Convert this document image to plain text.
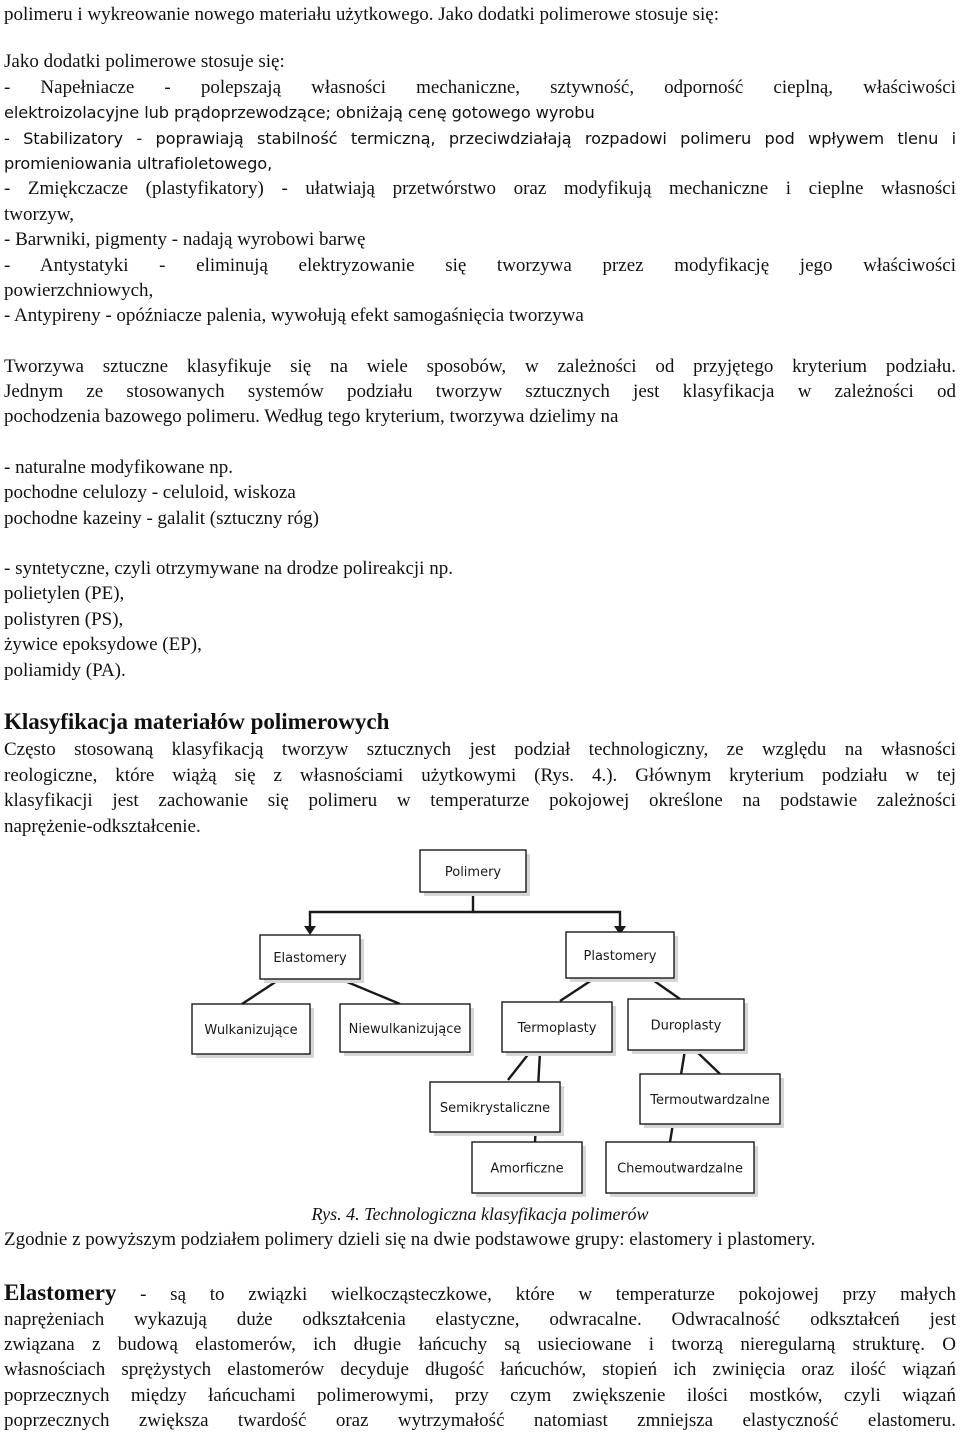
polimeru i wykreowanie nowego materiału użytkowego. Jako dodatki polimerowe stosuje się:
Jako dodatki polimerowe stosuje się:
- Napełniacze - polepszają własności mechaniczne, sztywność, odporność cieplną, właściwości
elektroizolacyjne lub prądoprzewodzące; obniżają cenę gotowego wyrobu
- Stabilizatory - poprawiają stabilność termiczną, przeciwdziałają rozpadowi polimeru pod wpływem tlenu i
promieniowania ultrafioletowego,
- Zmiękczacze (plastyfikatory) - ułatwiają przetwórstwo oraz modyfikują mechaniczne i cieplne własności
tworzyw,
- Barwniki, pigmenty - nadają wyrobowi barwę
- Antystatyki - eliminują elektryzowanie się tworzywa przez modyfikację jego właściwości
powierzchniowych,
- Antypireny - opóźniacze palenia, wywołują efekt samogaśnięcia tworzywa
Tworzywa sztuczne klasyfikuje się na wiele sposobów, w zależności od przyjętego kryterium podziału.
Jednym ze stosowanych systemów podziału tworzyw sztucznych jest klasyfikacja w zależności od
pochodzenia bazowego polimeru. Według tego kryterium, tworzywa dzielimy na
- naturalne modyfikowane np.
pochodne celulozy - celuloid, wiskoza
pochodne kazeiny - galalit (sztuczny róg)
- syntetyczne, czyli otrzymywane na drodze polireakcji np.
polietylen (PE),
polistyren (PS),
żywice epoksydowe (EP),
poliamidy (PA).
Klasyfikacja materiałów polimerowych
Często stosowaną klasyfikacją tworzyw sztucznych jest podział technologiczny, ze względu na własności
reologiczne, które wiążą się z własnościami użytkowymi (Rys. 4.). Głównym kryterium podziału w tej
klasyfikacji jest zachowanie się polimeru w temperaturze pokojowej określone na podstawie zależności
naprężenie-odkształcenie.
Polimery
Elastomery	Plastomery
Wulkanizujące	Niewulkanizujące	Termoplasty	Duroplasty
Semikrystaliczne
Termoutwardzalne
Amorficzne	Chemoutwardzalne
Rys. 4. Technologiczna klasyfikacja polimerów
Zgodnie z powyższym podziałem polimery dzieli się na dwie podstawowe grupy: elastomery i plastomery.
Elastomery - są to związki wielkocząsteczkowe, które w temperaturze pokojowej przy małych
naprężeniach wykazują duże odkształcenia elastyczne, odwracalne. Odwracalność odkształceń jest
związana z budową elastomerów, ich długie łańcuchy są usieciowane i tworzą nieregularną strukturę. O
własnościach sprężystych elastomerów decyduje długość łańcuchów, stopień ich zwinięcia oraz ilość wiązań
poprzecznych między łańcuchami polimerowymi, przy czym zwiększenie ilości mostków, czyli wiązań
poprzecznych zwiększa twardość oraz wytrzymałość natomiast zmniejsza elastyczność elastomeru.
